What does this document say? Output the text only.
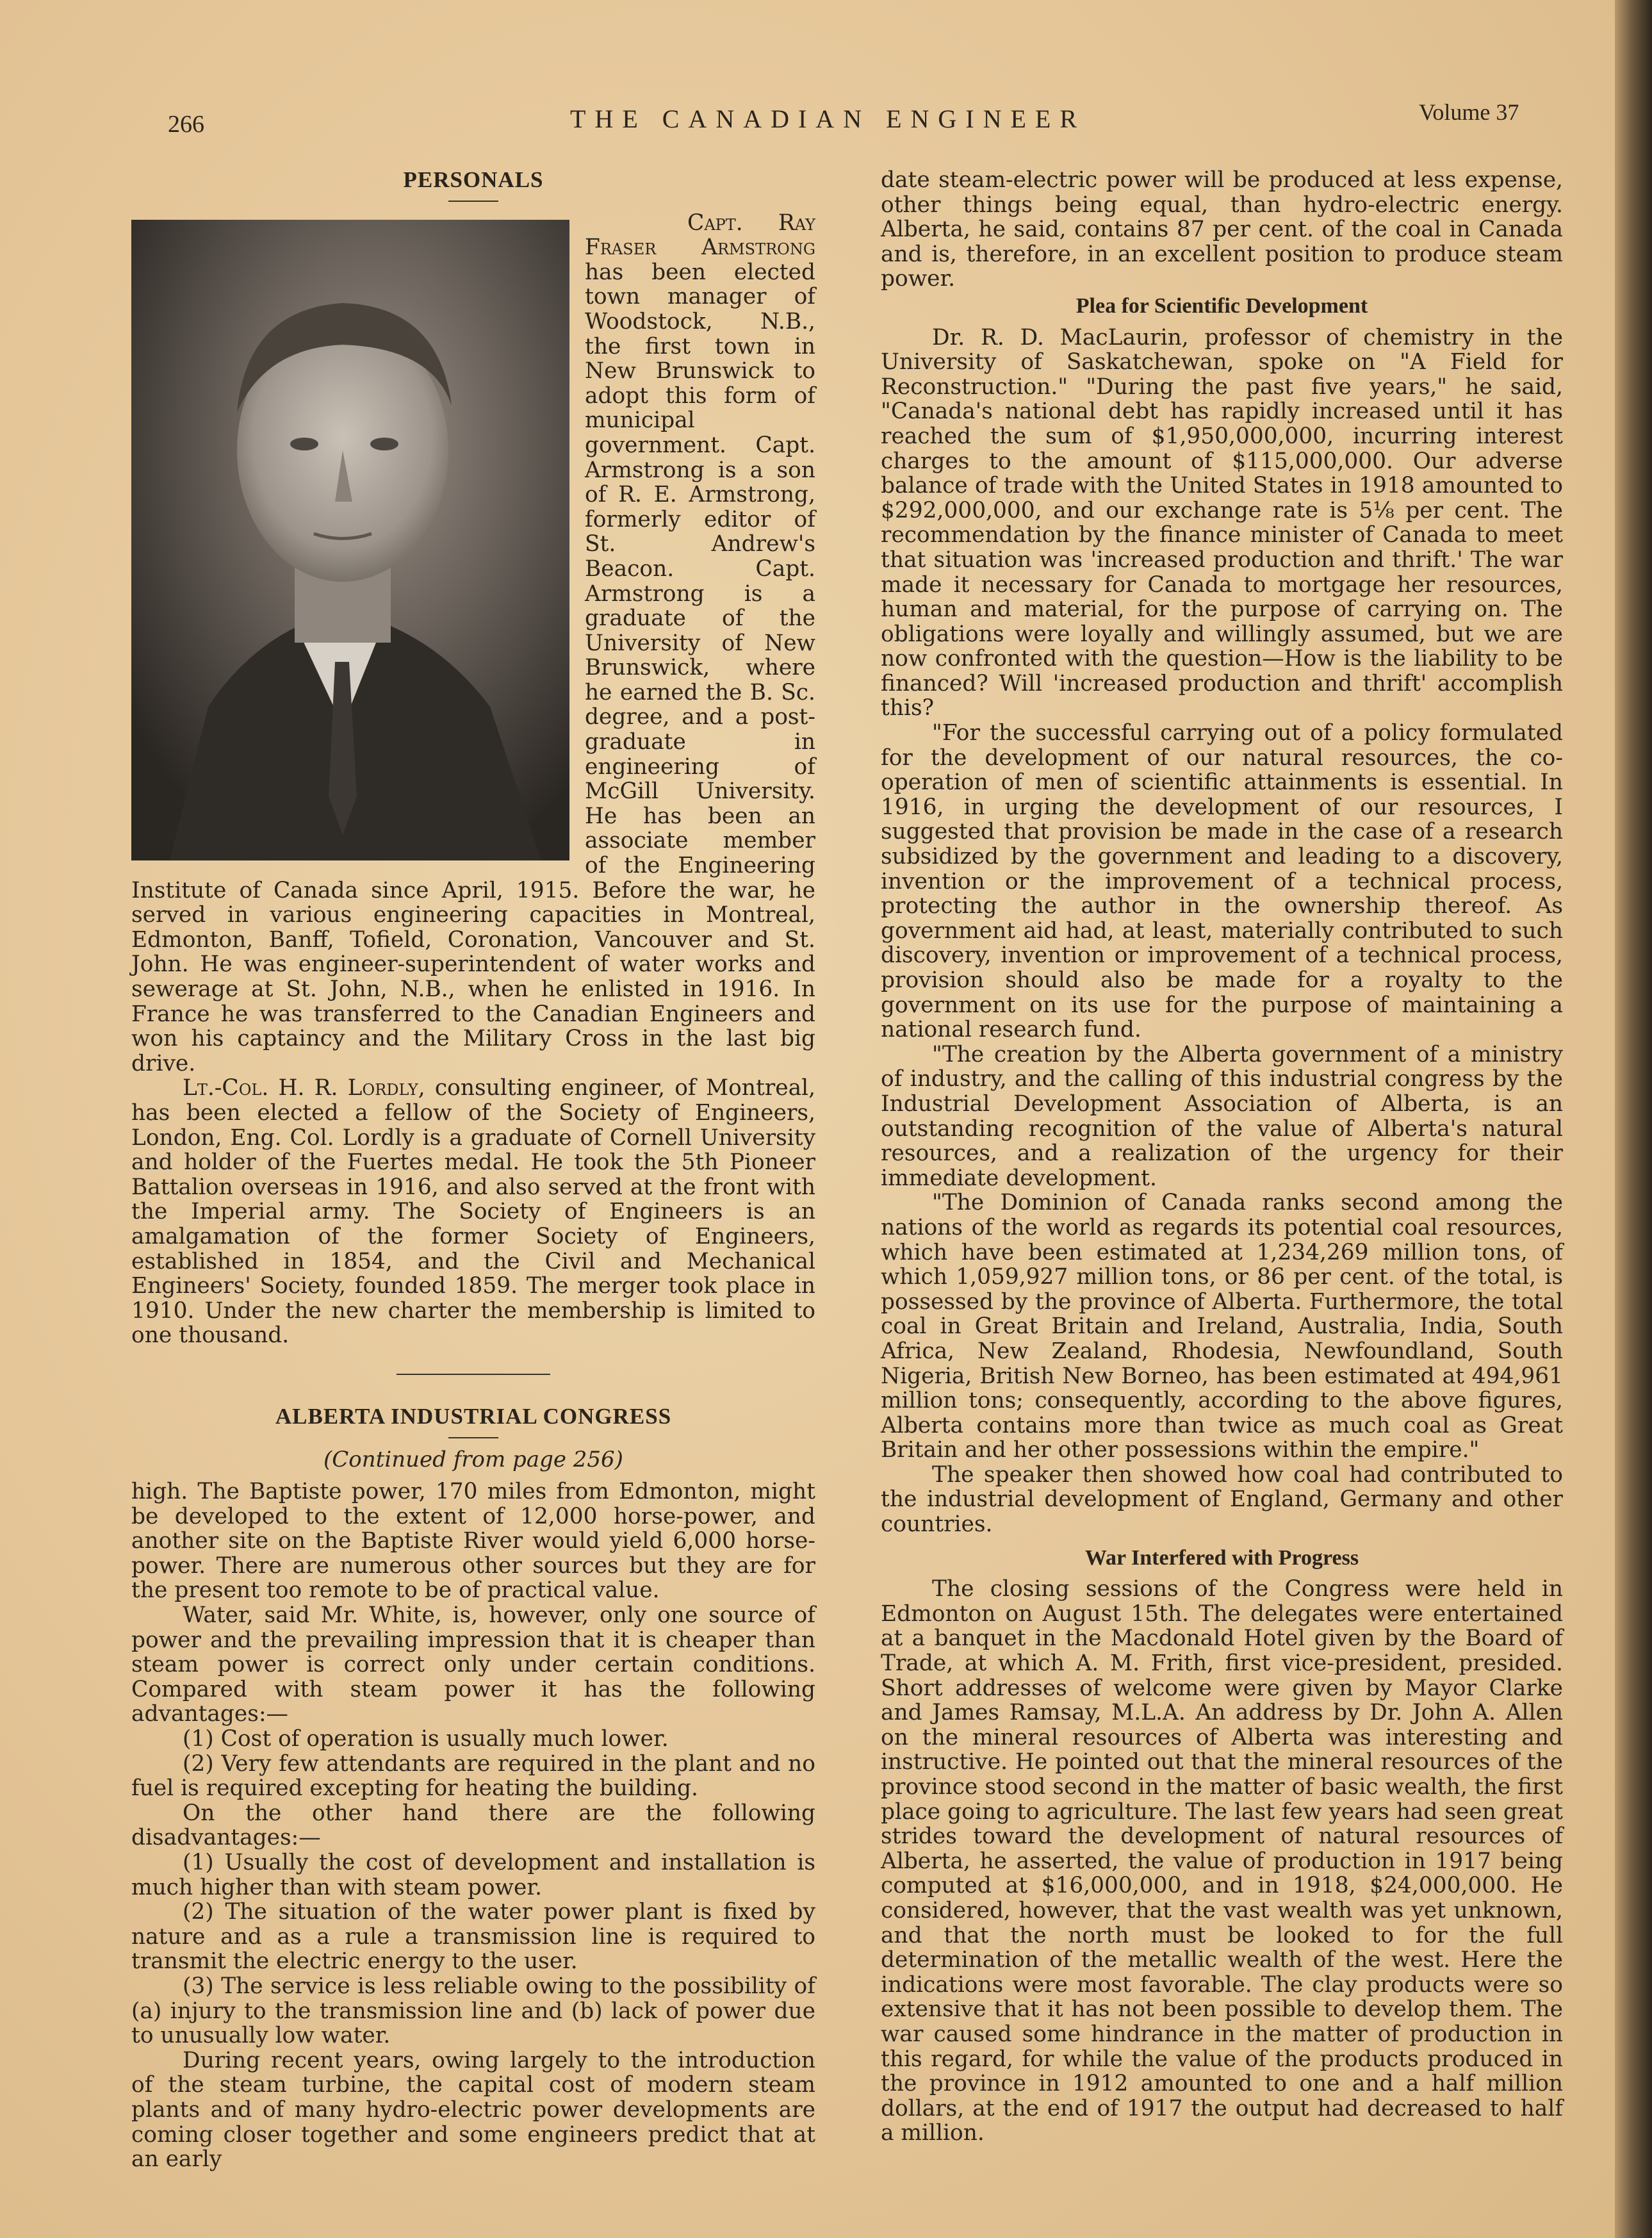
266	THE CANADIAN ENGINEER	Volume 37
PERSONALS

Capt. Ray Fraser Armstrong has been elected town manager of Woodstock, N.B., the first town in New Brunswick to adopt this form of municipal government. Capt. Armstrong is a son of R. E. Armstrong, formerly editor of St. Andrew's Beacon. Capt. Armstrong is a graduate of the University of New Brunswick, where he earned the B. Sc. degree, and a post-graduate in engineering of McGill University. He has been an associate member of the Engineering Institute of Canada since April, 1915. Before the war, he served in various engineering capacities in Montreal, Edmonton, Banff, Tofield, Coronation, Vancouver and St. John. He was engineer-superintendent of water works and sewerage at St. John, N.B., when he enlisted in 1916. In France he was transferred to the Canadian Engineers and won his captaincy and the Military Cross in the last big drive.

Lt.-Col. H. R. Lordly, consulting engineer, of Montreal, has been elected a fellow of the Society of Engineers, London, Eng. Col. Lordly is a graduate of Cornell University and holder of the Fuertes medal. He took the 5th Pioneer Battalion overseas in 1916, and also served at the front with the Imperial army. The Society of Engineers is an amalgamation of the former Society of Engineers, established in 1854, and the Civil and Mechanical Engineers' Society, founded 1859. The merger took place in 1910. Under the new charter the membership is limited to one thousand.

ALBERTA INDUSTRIAL CONGRESS
(Continued from page 256)

high. The Baptiste power, 170 miles from Edmonton, might be developed to the extent of 12,000 horse-power, and another site on the Baptiste River would yield 6,000 horse-power. There are numerous other sources but they are for the present too remote to be of practical value.

Water, said Mr. White, is, however, only one source of power and the prevailing impression that it is cheaper than steam power is correct only under certain conditions. Compared with steam power it has the following advantages:—

(1) Cost of operation is usually much lower.

(2) Very few attendants are required in the plant and no fuel is required excepting for heating the building.

On the other hand there are the following disadvantages:—

(1) Usually the cost of development and installation is much higher than with steam power.

(2) The situation of the water power plant is fixed by nature and as a rule a transmission line is required to transmit the electric energy to the user.

(3) The service is less reliable owing to the possibility of (a) injury to the transmission line and (b) lack of power due to unusually low water.

During recent years, owing largely to the introduction of the steam turbine, the capital cost of modern steam plants and of many hydro-electric power developments are coming closer together and some engineers predict that at an early

date steam-electric power will be produced at less expense, other things being equal, than hydro-electric energy. Alberta, he said, contains 87 per cent. of the coal in Canada and is, therefore, in an excellent position to produce steam power.

Plea for Scientific Development

Dr. R. D. MacLaurin, professor of chemistry in the University of Saskatchewan, spoke on "A Field for Reconstruction." "During the past five years," he said, "Canada's national debt has rapidly increased until it has reached the sum of $1,950,000,000, incurring interest charges to the amount of $115,000,000. Our adverse balance of trade with the United States in 1918 amounted to $292,000,000, and our exchange rate is 5⅛ per cent. The recommendation by the finance minister of Canada to meet that situation was 'increased production and thrift.' The war made it necessary for Canada to mortgage her resources, human and material, for the purpose of carrying on. The obligations were loyally and willingly assumed, but we are now confronted with the question—How is the liability to be financed? Will 'increased production and thrift' accomplish this?

"For the successful carrying out of a policy formulated for the development of our natural resources, the co-operation of men of scientific attainments is essential. In 1916, in urging the development of our resources, I suggested that provision be made in the case of a research subsidized by the government and leading to a discovery, invention or the improvement of a technical process, protecting the author in the ownership thereof. As government aid had, at least, materially contributed to such discovery, invention or improvement of a technical process, provision should also be made for a royalty to the government on its use for the purpose of maintaining a national research fund.

"The creation by the Alberta government of a ministry of industry, and the calling of this industrial congress by the Industrial Development Association of Alberta, is an outstanding recognition of the value of Alberta's natural resources, and a realization of the urgency for their immediate development.

"The Dominion of Canada ranks second among the nations of the world as regards its potential coal resources, which have been estimated at 1,234,269 million tons, of which 1,059,927 million tons, or 86 per cent. of the total, is possessed by the province of Alberta. Furthermore, the total coal in Great Britain and Ireland, Australia, India, South Africa, New Zealand, Rhodesia, Newfoundland, South Nigeria, British New Borneo, has been estimated at 494,961 million tons; consequently, according to the above figures, Alberta contains more than twice as much coal as Great Britain and her other possessions within the empire."

The speaker then showed how coal had contributed to the industrial development of England, Germany and other countries.

War Interfered with Progress

The closing sessions of the Congress were held in Edmonton on August 15th. The delegates were entertained at a banquet in the Macdonald Hotel given by the Board of Trade, at which A. M. Frith, first vice-president, presided. Short addresses of welcome were given by Mayor Clarke and James Ramsay, M.L.A. An address by Dr. John A. Allen on the mineral resources of Alberta was interesting and instructive. He pointed out that the mineral resources of the province stood second in the matter of basic wealth, the first place going to agriculture. The last few years had seen great strides toward the development of natural resources of Alberta, he asserted, the value of production in 1917 being computed at $16,000,000, and in 1918, $24,000,000. He considered, however, that the vast wealth was yet unknown, and that the north must be looked to for the full determination of the metallic wealth of the west. Here the indications were most favorable. The clay products were so extensive that it has not been possible to develop them. The war caused some hindrance in the matter of production in this regard, for while the value of the products produced in the province in 1912 amounted to one and a half million dollars, at the end of 1917 the output had decreased to half a million.
